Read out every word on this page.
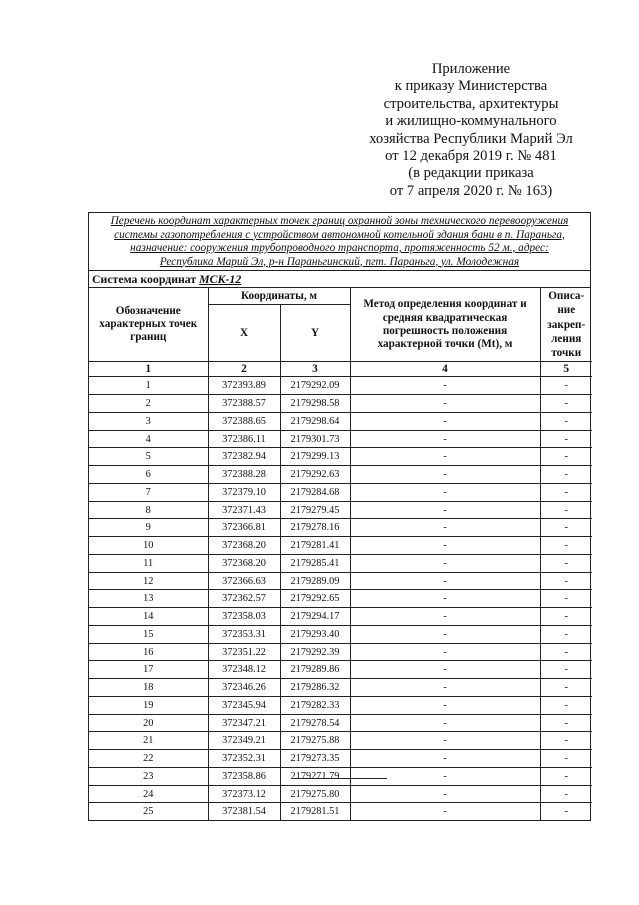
Приложение
к приказу Министерства
строительства, архитектуры
и жилищно-коммунального
хозяйства Республики Марий Эл
от 12 декабря 2019 г. № 481
(в редакции приказа
от 7 апреля 2020 г. № 163)
Перечень координат характерных точек границ охранной зоны технического перевооружения
системы газопотребления с устройством автономной котельной здания бани в п. Параньга,
назначение: сооружения трубопроводного транспорта, протяженность 52 м., адрес:
Республика Марий Эл, р-н Параньгинский, пгт. Параньга, ул. Молодежная
Система координат МСК-12
Обозначение характерных точек границ	Координаты, м		Метод определения координат и средняя квадратическая погрешность положения характерной точки (Mt), м	Описа-ние закреп-ления точки
	X	Y		
1	2	3	4	5
1	372393.89	2179292.09	-	-
2	372388.57	2179298.58	-	-
3	372388.65	2179298.64	-	-
4	372386.11	2179301.73	-	-
5	372382.94	2179299.13	-	-
6	372388.28	2179292.63	-	-
7	372379.10	2179284.68	-	-
8	372371.43	2179279.45	-	-
9	372366.81	2179278.16	-	-
10	372368.20	2179281.41	-	-
11	372368.20	2179285.41	-	-
12	372366.63	2179289.09	-	-
13	372362.57	2179292.65	-	-
14	372358.03	2179294.17	-	-
15	372353.31	2179293.40	-	-
16	372351.22	2179292.39	-	-
17	372348.12	2179289.86	-	-
18	372346.26	2179286.32	-	-
19	372345.94	2179282.33	-	-
20	372347.21	2179278.54	-	-
21	372349.21	2179275.88	-	-
22	372352.31	2179273.35	-	-
23	372358.86	2179271.79	-	-
24	372373.12	2179275.80	-	-
25	372381.54	2179281.51	-	-
